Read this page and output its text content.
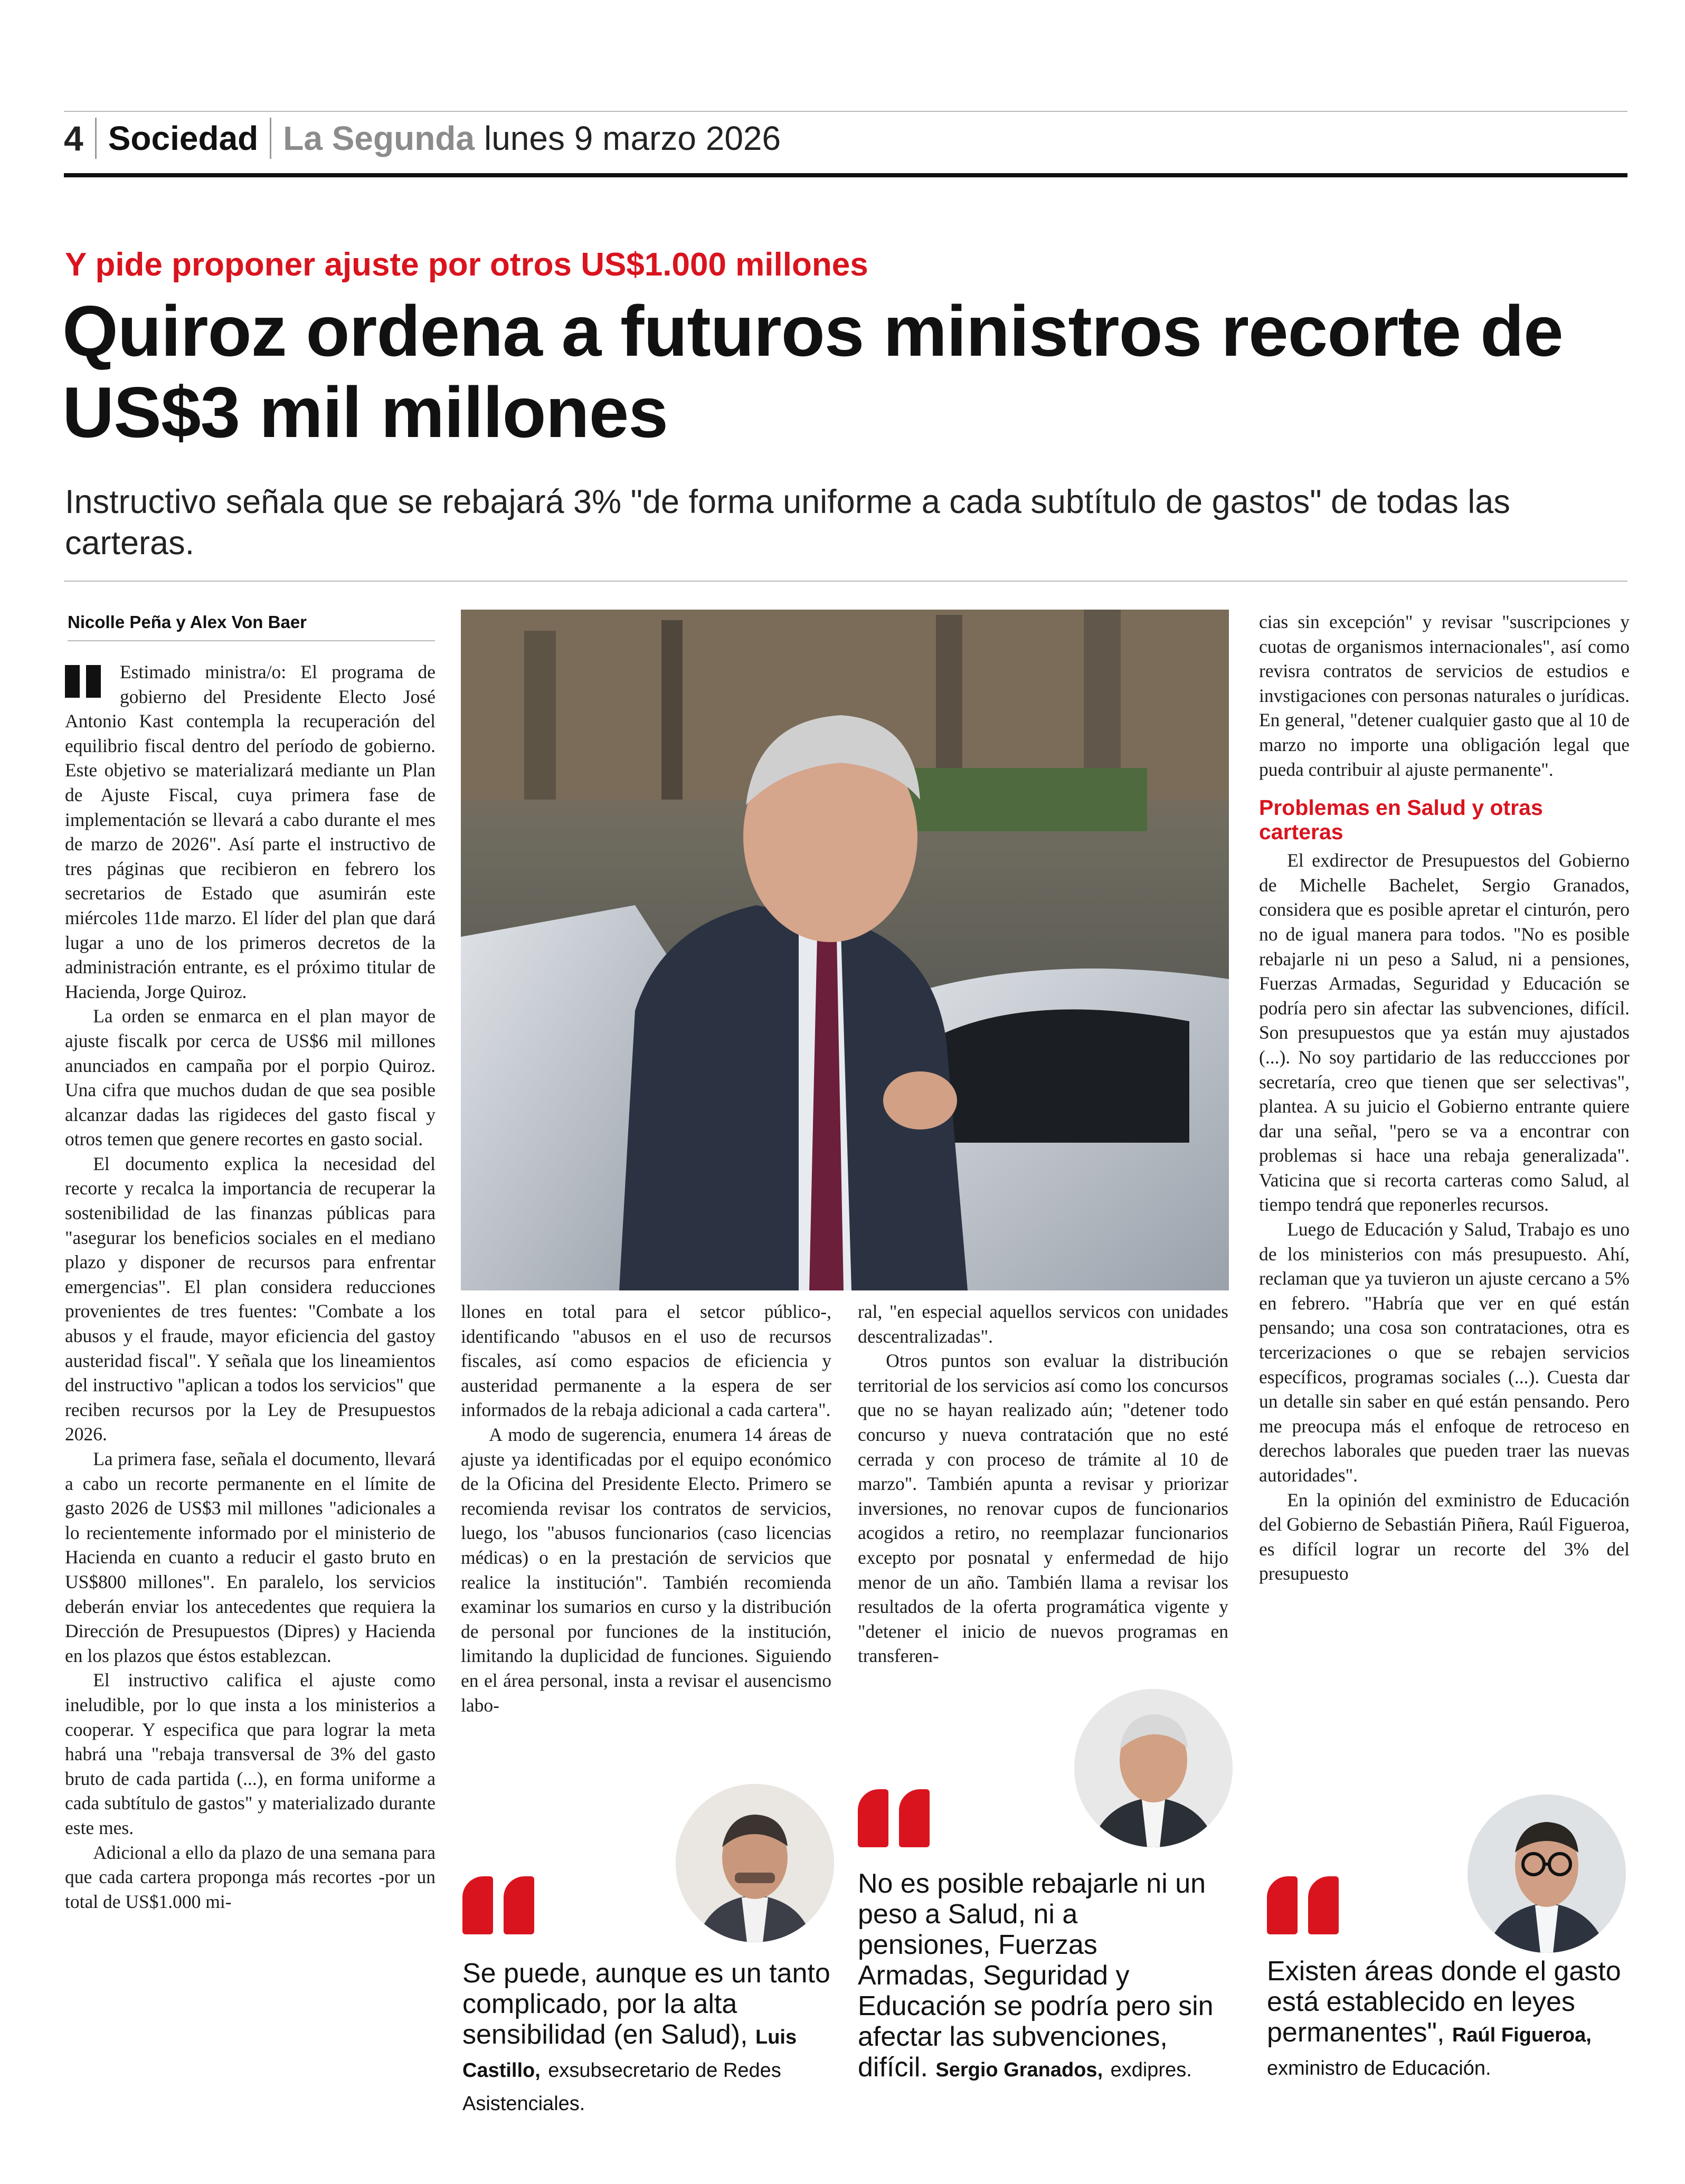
4 Sociedad La Segunda lunes 9 marzo 2026
Y pide proponer ajuste por otros US$1.000 millones
Quiroz ordena a futuros ministros recorte de US$3 mil millones
Instructivo señala que se rebajará 3% "de forma uniforme a cada subtítulo de gastos" de todas las carteras.
Nicolle Peña y Alex Von Baer

Estimado ministra/o: El programa de gobierno del Presidente Electo José Antonio Kast contempla la recuperación del equilibrio fiscal dentro del período de gobierno. Este objetivo se materializará mediante un Plan de Ajuste Fiscal, cuya primera fase de implementación se llevará a cabo durante el mes de marzo de 2026". Así parte el instructivo de tres páginas que recibieron en febrero los secretarios de Estado que asumirán este miércoles 11de marzo. El líder del plan que dará lugar a uno de los primeros decretos de la administración entrante, es el próximo titular de Hacienda, Jorge Quiroz.

La orden se enmarca en el plan mayor de ajuste fiscalk por cerca de US$6 mil millones anunciados en campaña por el porpio Quiroz. Una cifra que muchos dudan de que sea posible alcanzar dadas las rigideces del gasto fiscal y otros temen que genere recortes en gasto social.

El documento explica la necesidad del recorte y recalca la importancia de recuperar la sostenibilidad de las finanzas públicas para "asegurar los beneficios sociales en el mediano plazo y disponer de recursos para enfrentar emergencias". El plan considera reducciones provenientes de tres fuentes: "Combate a los abusos y el fraude, mayor eficiencia del gastoy austeridad fiscal". Y señala que los lineamientos del instructivo "aplican a todos los servicios" que reciben recursos por la Ley de Presupuestos 2026.

La primera fase, señala el documento, llevará a cabo un recorte permanente en el límite de gasto 2026 de US$3 mil millones "adicionales a lo recientemente informado por el ministerio de Hacienda en cuanto a reducir el gasto bruto en US$800 millones". En paralelo, los servicios deberán enviar los antecedentes que requiera la Dirección de Presupuestos (Dipres) y Hacienda en los plazos que éstos establezcan.

El instructivo califica el ajuste como ineludible, por lo que insta a los ministerios a cooperar. Y especifica que para lograr la meta habrá una "rebaja transversal de 3% del gasto bruto de cada partida (...), en forma uniforme a cada subtítulo de gastos" y materializado durante este mes.

Adicional a ello da plazo de una semana para que cada cartera proponga más recortes -por un total de US$1.000 mi-

llones en total para el setcor público-, identificando "abusos en el uso de recursos fiscales, así como espacios de eficiencia y austeridad permanente a la espera de ser informados de la rebaja adicional a cada cartera".

A modo de sugerencia, enumera 14 áreas de ajuste ya identificadas por el equipo económico de la Oficina del Presidente Electo. Primero se recomienda revisar los contratos de servicios, luego, los "abusos funcionarios (caso licencias médicas) o en la prestación de servicios que realice la institución". También recomienda examinar los sumarios en curso y la distribución de personal por funciones de la institución, limitando la duplicidad de funciones. Siguiendo en el área personal, insta a revisar el ausencismo labo-

ral, "en especial aquellos servicos con unidades descentralizadas".

Otros puntos son evaluar la distribución territorial de los servicios así como los concursos que no se hayan realizado aún; "detener todo concurso y nueva contratación que no esté cerrada y con proceso de trámite al 10 de marzo". También apunta a revisar y priorizar inversiones, no renovar cupos de funcionarios acogidos a retiro, no reemplazar funcionarios excepto por posnatal y enfermedad de hijo menor de un año. También llama a revisar los resultados de la oferta programática vigente y "detener el inicio de nuevos programas en transferen-

cias sin excepción" y revisar "suscripciones y cuotas de organismos internacionales", así como revisra contratos de servicios de estudios e invstigaciones con personas naturales o jurídicas. En general, "detener cualquier gasto que al 10 de marzo no importe una obligación legal que pueda contribuir al ajuste permanente".

Problemas en Salud y otras carteras

El exdirector de Presupuestos del Gobierno de Michelle Bachelet, Sergio Granados, considera que es posible apretar el cinturón, pero no de igual manera para todos. "No es posible rebajarle ni un peso a Salud, ni a pensiones, Fuerzas Armadas, Seguridad y Educación se podría pero sin afectar las subvenciones, difícil. Son presupuestos que ya están muy ajustados (...). No soy partidario de las reduccciones por secretaría, creo que tienen que ser selectivas", plantea. A su juicio el Gobierno entrante quiere dar una señal, "pero se va a encontrar con problemas si hace una rebaja generalizada". Vaticina que si recorta carteras como Salud, al tiempo tendrá que reponerles recursos.

Luego de Educación y Salud, Trabajo es uno de los ministerios con más presupuesto. Ahí, reclaman que ya tuvieron un ajuste cercano a 5% en febrero. "Habría que ver en qué están pensando; una cosa son contrataciones, otra es tercerizaciones o que se rebajen servicios específicos, programas sociales (...). Cuesta dar un detalle sin saber en qué están pensando. Pero me preocupa más el enfoque de retroceso en derechos laborales que pueden traer las nuevas autoridades".

En la opinión del exministro de Educación del Gobierno de Sebastián Piñera, Raúl Figueroa, es difícil lograr un recorte del 3% del presupuesto

Se puede, aunque es un tanto complicado, por la alta sensibilidad (en Salud), Luis Castillo, exsubsecretario de Redes Asistenciales.
No es posible rebajarle ni un peso a Salud, ni a pensiones, Fuerzas Armadas, Seguridad y Educación se podría pero sin afectar las subvenciones, difícil. Sergio Granados, exdipres.
Existen áreas donde el gasto está establecido en leyes permanentes", Raúl Figueroa, exministro de Educación.
